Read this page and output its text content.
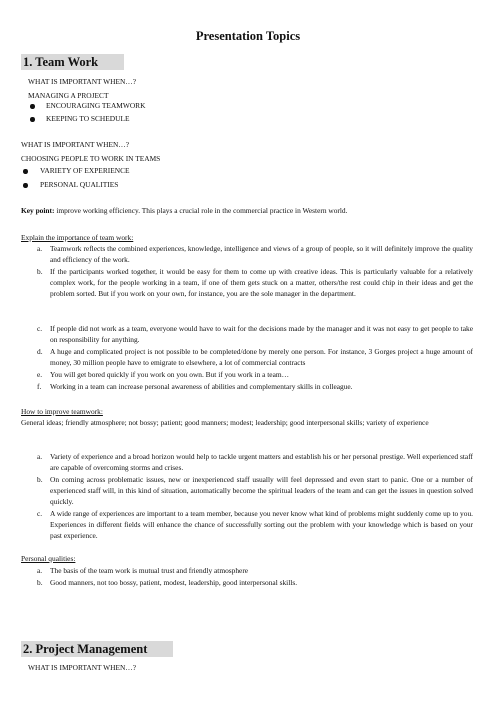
Presentation Topics
1. Team Work
WHAT IS IMPORTANT WHEN…?
MANAGING A PROJECT
ENCOURAGING TEAMWORK
KEEPING TO SCHEDULE
WHAT IS IMPORTANT WHEN…?
CHOOSING PEOPLE TO WORK IN TEAMS
VARIETY OF EXPERIENCE
PERSONAL QUALITIES
Key point: improve working efficiency. This plays a crucial role in the commercial practice in Western world.
Explain the importance of team work:
a. Teamwork reflects the combined experiences, knowledge, intelligence and views of a group of people, so it will definitely improve the quality and efficiency of the work.
b. If the participants worked together, it would be easy for them to come up with creative ideas. This is particularly valuable for a relatively complex work, for the people working in a team, if one of them gets stuck on a matter, others/the rest could chip in their ideas and get the problem sorted. But if you work on your own, for instance, you are the sole manager in the department.
c. If people did not work as a team, everyone would have to wait for the decisions made by the manager and it was not easy to get people to take on responsibility for anything.
d. A huge and complicated project is not possible to be completed/done by merely one person. For instance, 3 Gorges project a huge amount of money, 30 million people have to emigrate to elsewhere, a lot of commercial contracts
e. You will get bored quickly if you work on you own. But if you work in a team…
f. Working in a team can increase personal awareness of abilities and complementary skills in colleague.
How to improve teamwork:
General ideas; friendly atmosphere; not bossy; patient; good manners; modest; leadership; good interpersonal skills; variety of experience
a. Variety of experience and a broad horizon would help to tackle urgent matters and establish his or her personal prestige. Well experienced staff are capable of overcoming storms and crises.
b. On coming across problematic issues, new or inexperienced staff usually will feel depressed and even start to panic. One or a number of experienced staff will, in this kind of situation, automatically become the spiritual leaders of the team and can get the issues in question solved quickly.
c. A wide range of experiences are important to a team member, because you never know what kind of problems might suddenly come up to you. Experiences in different fields will enhance the chance of successfully sorting out the problem with your knowledge which is based on your past experience.
Personal qualities:
a. The basis of the team work is mutual trust and friendly atmosphere
b. Good manners, not too bossy, patient, modest, leadership, good interpersonal skills.
2. Project Management
WHAT IS IMPORTANT WHEN…?
